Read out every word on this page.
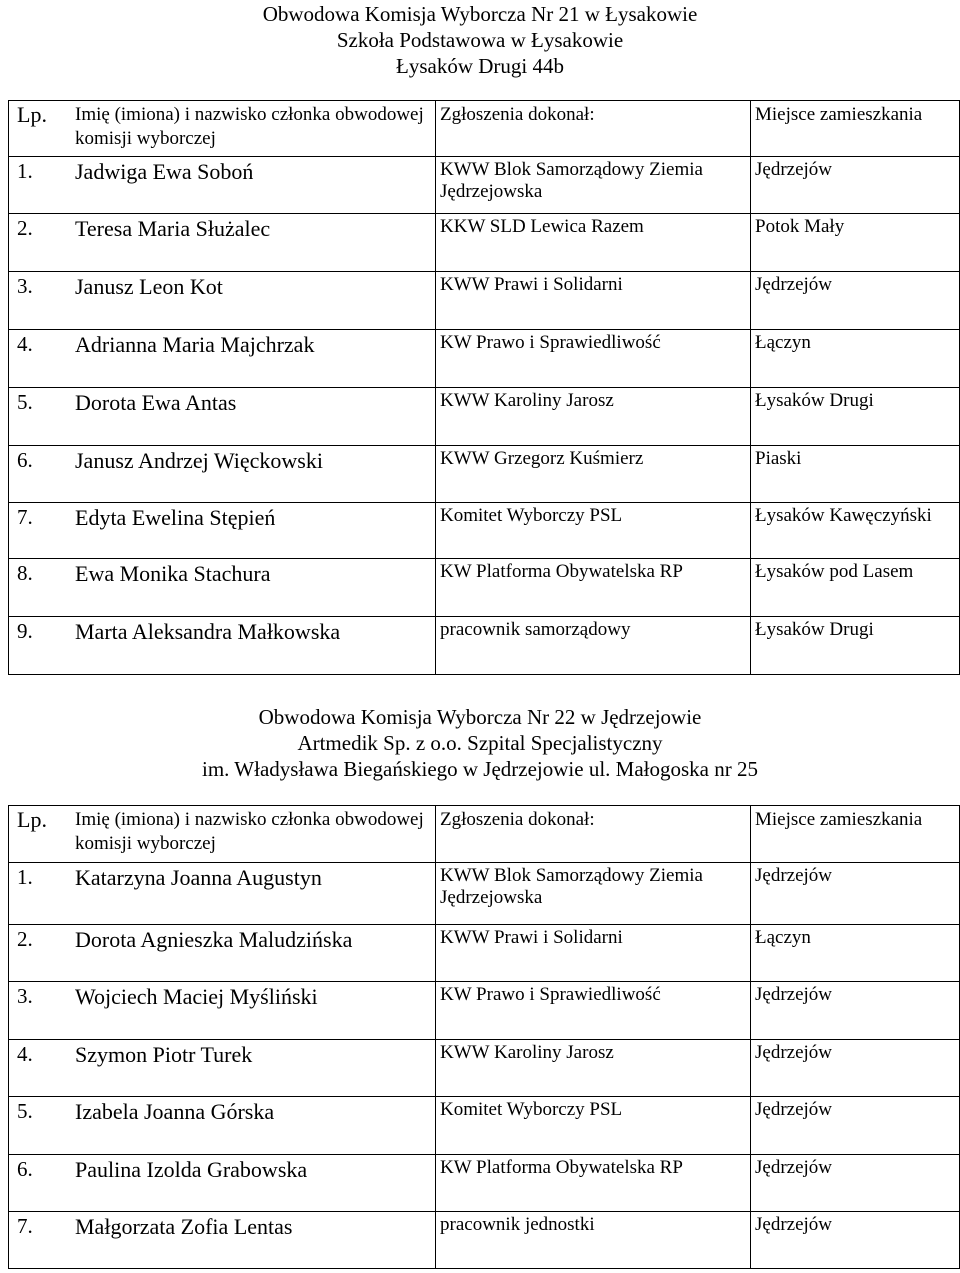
Obwodowa Komisja Wyborcza Nr 21 w Łysakowie
Szkoła Podstawowa w Łysakowie
Łysaków Drugi 44b
Lp.	Imię (imiona) i nazwisko członka obwodowej komisji wyborczej	Zgłoszenia dokonał:	Miejsce zamieszkania
1.	Jadwiga Ewa Soboń	KWW Blok Samorządowy Ziemia Jędrzejowska	Jędrzejów
2.	Teresa Maria Służalec	KKW SLD Lewica Razem	Potok Mały
3.	Janusz Leon Kot	KWW Prawi i Solidarni	Jędrzejów
4.	Adrianna Maria Majchrzak	KW Prawo i Sprawiedliwość	Łączyn
5.	Dorota Ewa Antas	KWW Karoliny Jarosz	Łysaków Drugi
6.	Janusz Andrzej Więckowski	KWW Grzegorz Kuśmierz	Piaski
7.	Edyta Ewelina Stępień	Komitet Wyborczy PSL	Łysaków Kawęczyński
8.	Ewa Monika Stachura	KW Platforma Obywatelska RP	Łysaków pod Lasem
9.	Marta Aleksandra Małkowska	pracownik samorządowy	Łysaków Drugi
Obwodowa Komisja Wyborcza Nr 22 w Jędrzejowie
Artmedik Sp. z o.o. Szpital Specjalistyczny
im. Władysława Biegańskiego w Jędrzejowie ul. Małogoska nr 25
Lp.	Imię (imiona) i nazwisko członka obwodowej komisji wyborczej	Zgłoszenia dokonał:	Miejsce zamieszkania
1.	Katarzyna Joanna Augustyn	KWW Blok Samorządowy Ziemia Jędrzejowska	Jędrzejów
2.	Dorota Agnieszka Maludzińska	KWW Prawi i Solidarni	Łączyn
3.	Wojciech Maciej Myśliński	KW Prawo i Sprawiedliwość	Jędrzejów
4.	Szymon Piotr Turek	KWW Karoliny Jarosz	Jędrzejów
5.	Izabela Joanna Górska	Komitet Wyborczy PSL	Jędrzejów
6.	Paulina Izolda Grabowska	KW Platforma Obywatelska RP	Jędrzejów
7.	Małgorzata Zofia Lentas	pracownik jednostki	Jędrzejów
